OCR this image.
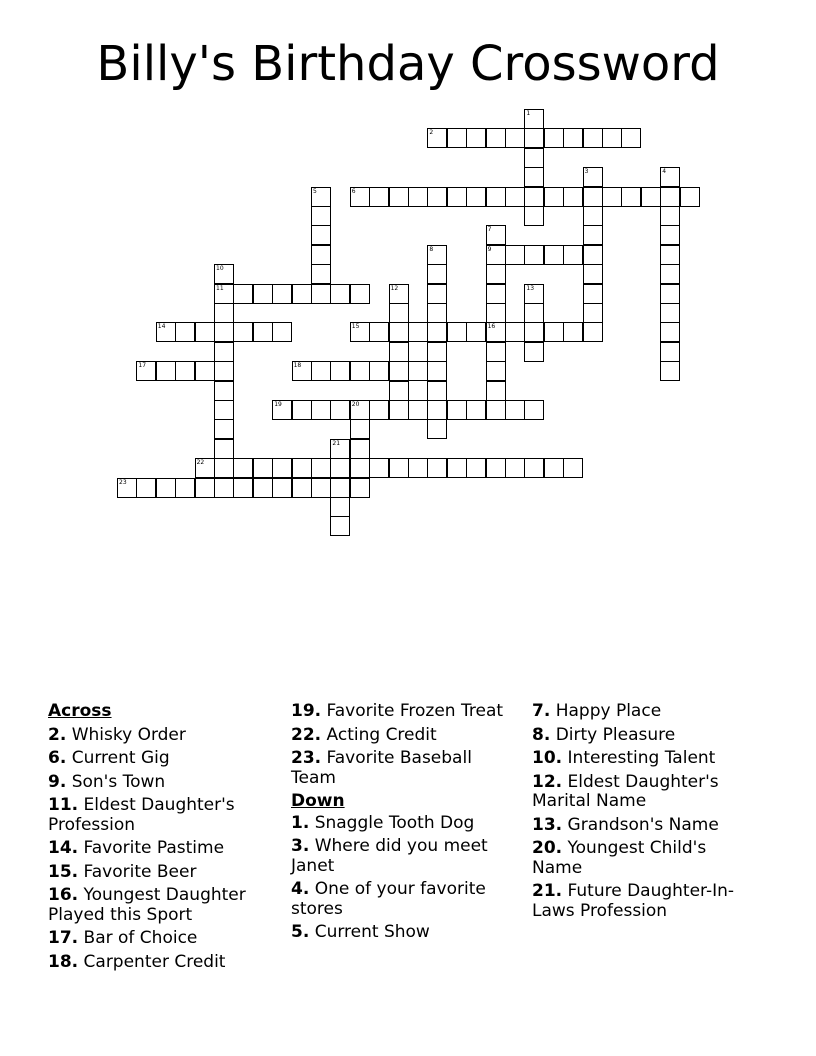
Billy's Birthday Crossword
1
2
3	4
5	6
7
9
16
8
10
11	12	13
14	15
17	18
19	20
21
22
23
Across
2. Whisky Order
6. Current Gig
9. Son's Town
11. Eldest Daughter's Profession
14. Favorite Pastime
15. Favorite Beer
16. Youngest Daughter Played this Sport
17. Bar of Choice
18. Carpenter Credit
19. Favorite Frozen Treat
22. Acting Credit
23. Favorite Baseball Team
Down
1. Snaggle Tooth Dog
3. Where did you meet Janet
4. One of your favorite stores
5. Current Show
7. Happy Place
8. Dirty Pleasure
10. Interesting Talent
12. Eldest Daughter's Marital Name
13. Grandson's Name
20. Youngest Child's Name
21. Future Daughter-In-Laws Profession
